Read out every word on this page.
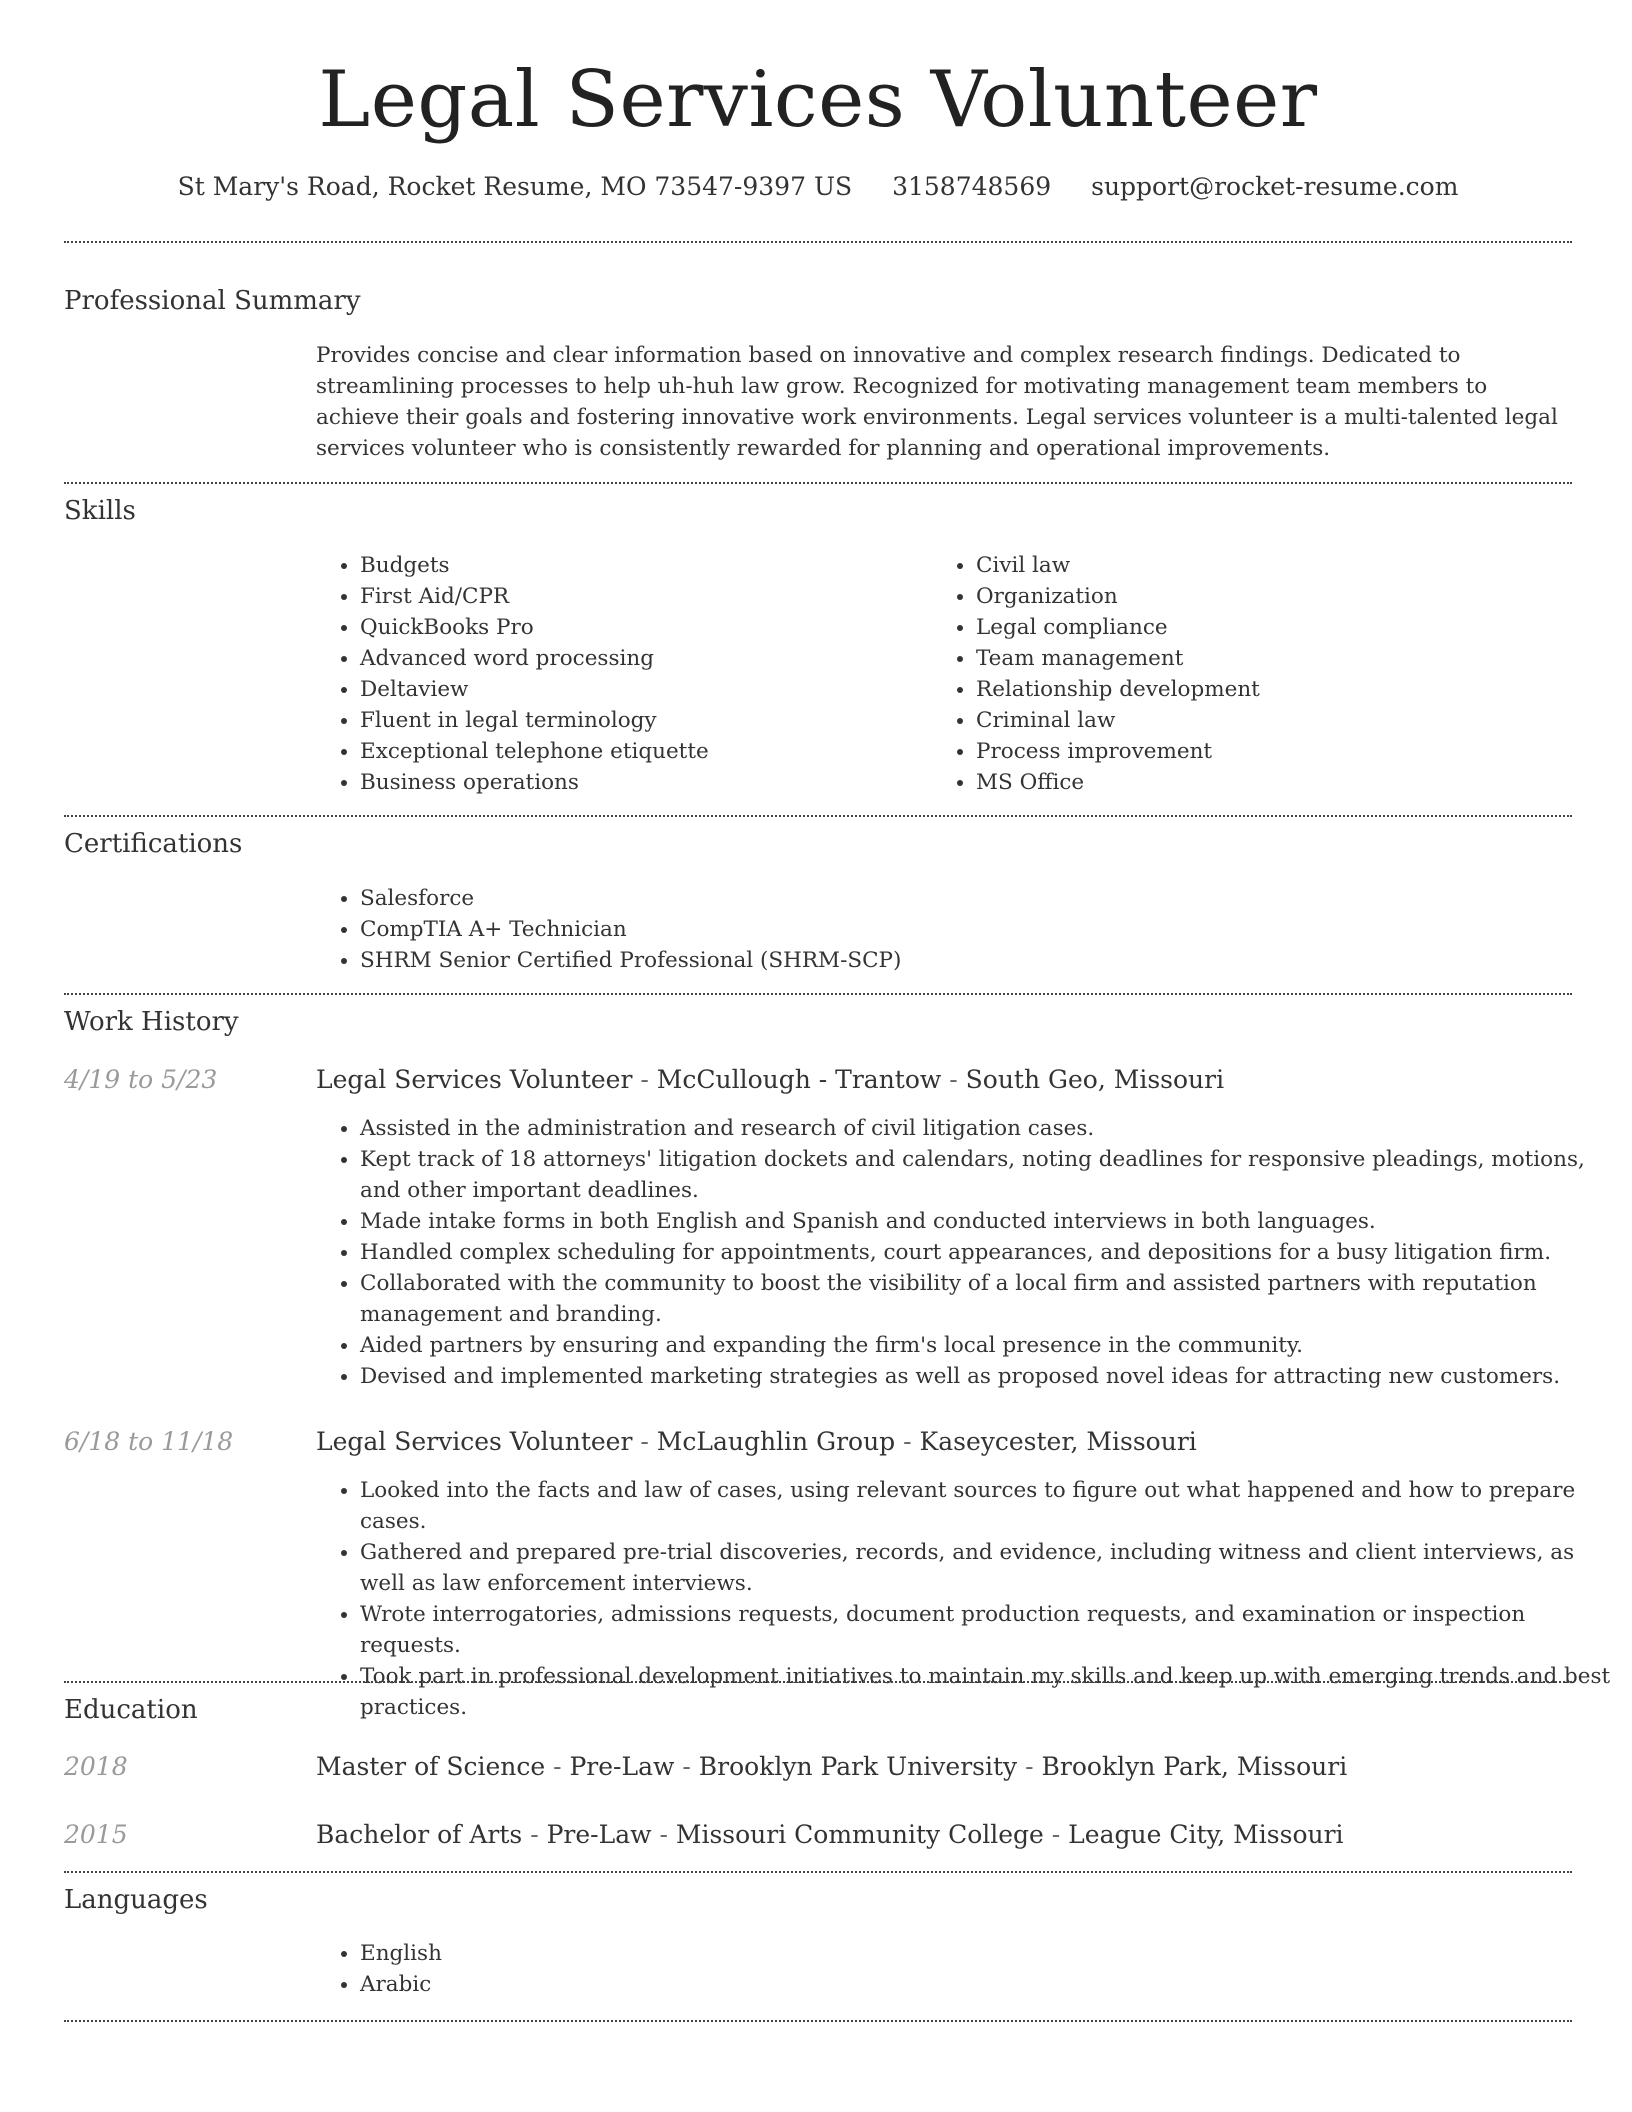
Legal Services Volunteer
St Mary's Road, Rocket Resume, MO 73547-9397 US 3158748569 support@rocket-resume.com
Professional Summary

Provides concise and clear information based on innovative and complex research findings. Dedicated to streamlining processes to help uh-huh law grow. Recognized for motivating management team members to achieve their goals and fostering innovative work environments. Legal services volunteer is a multi-talented legal services volunteer who is consistently rewarded for planning and operational improvements.

Skills
• Budgets
• First Aid/CPR
• QuickBooks Pro
• Advanced word processing
• Deltaview
• Fluent in legal terminology
• Exceptional telephone etiquette
• Business operations
• Civil law
• Organization
• Legal compliance
• Team management
• Relationship development
• Criminal law
• Process improvement
• MS Office
Certifications
• Salesforce
• CompTIA A+ Technician
• SHRM Senior Certified Professional (SHRM-SCP)
Work History
4/19 to 5/23	Legal Services Volunteer - McCullough - Trantow - South Geo, Missouri
• Assisted in the administration and research of civil litigation cases.
• Kept track of 18 attorneys' litigation dockets and calendars, noting deadlines for responsive pleadings, motions, and other important deadlines.
• Made intake forms in both English and Spanish and conducted interviews in both languages.
• Handled complex scheduling for appointments, court appearances, and depositions for a busy litigation firm.
• Collaborated with the community to boost the visibility of a local firm and assisted partners with reputation management and branding.
• Aided partners by ensuring and expanding the firm's local presence in the community.
• Devised and implemented marketing strategies as well as proposed novel ideas for attracting new customers.
6/18 to 11/18	Legal Services Volunteer - McLaughlin Group - Kaseycester, Missouri
• Looked into the facts and law of cases, using relevant sources to figure out what happened and how to prepare cases.
• Gathered and prepared pre-trial discoveries, records, and evidence, including witness and client interviews, as well as law enforcement interviews.
• Wrote interrogatories, admissions requests, document production requests, and examination or inspection requests.
• Took part in professional development initiatives to maintain my skills and keep up with emerging trends and best practices.
Education
2018	Master of Science - Pre-Law - Brooklyn Park University - Brooklyn Park, Missouri
2015	Bachelor of Arts - Pre-Law - Missouri Community College - League City, Missouri
Languages
• English
• Arabic
